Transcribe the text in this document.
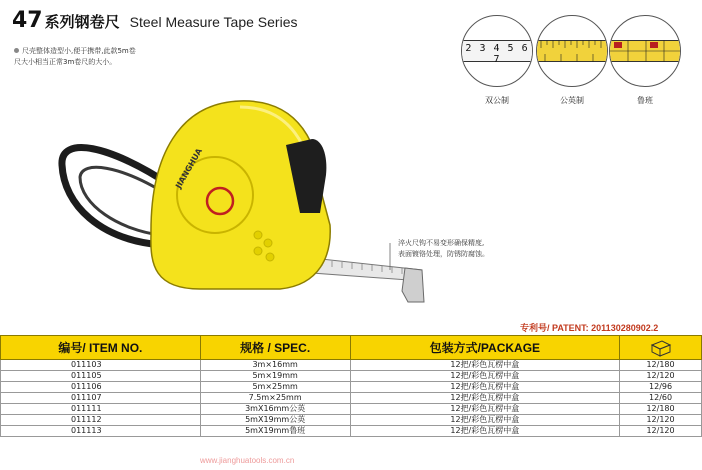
47 系列钢卷尺 Steel Measure Tape Series
尺壳整体造型小,便于携带,此款5m卷
尺大小相当正常3m卷尺的大小。
2 3 4 5 6 7
双公制	公英制	鲁班
JIANGHUA
淬火尺钩不易变形确保精度,
表面镀铬处理，防锈防腐蚀。
专利号/ PATENT: 201130280902.2
编号/ ITEM NO.	规格 / SPEC.	包装方式/PACKAGE	
011103	3m×16mm	12把/彩色瓦楞中盒	12/180
011105	5m×19mm	12把/彩色瓦楞中盒	12/120
011106	5m×25mm	12把/彩色瓦楞中盒	12/96
011107	7.5m×25mm	12把/彩色瓦楞中盒	12/60
011111	3mX16mm公英	12把/彩色瓦楞中盒	12/180
011112	5mX19mm公英	12把/彩色瓦楞中盒	12/120
011113	5mX19mm鲁班	12把/彩色瓦楞中盒	12/120
www.jianghuatools.com.cn
